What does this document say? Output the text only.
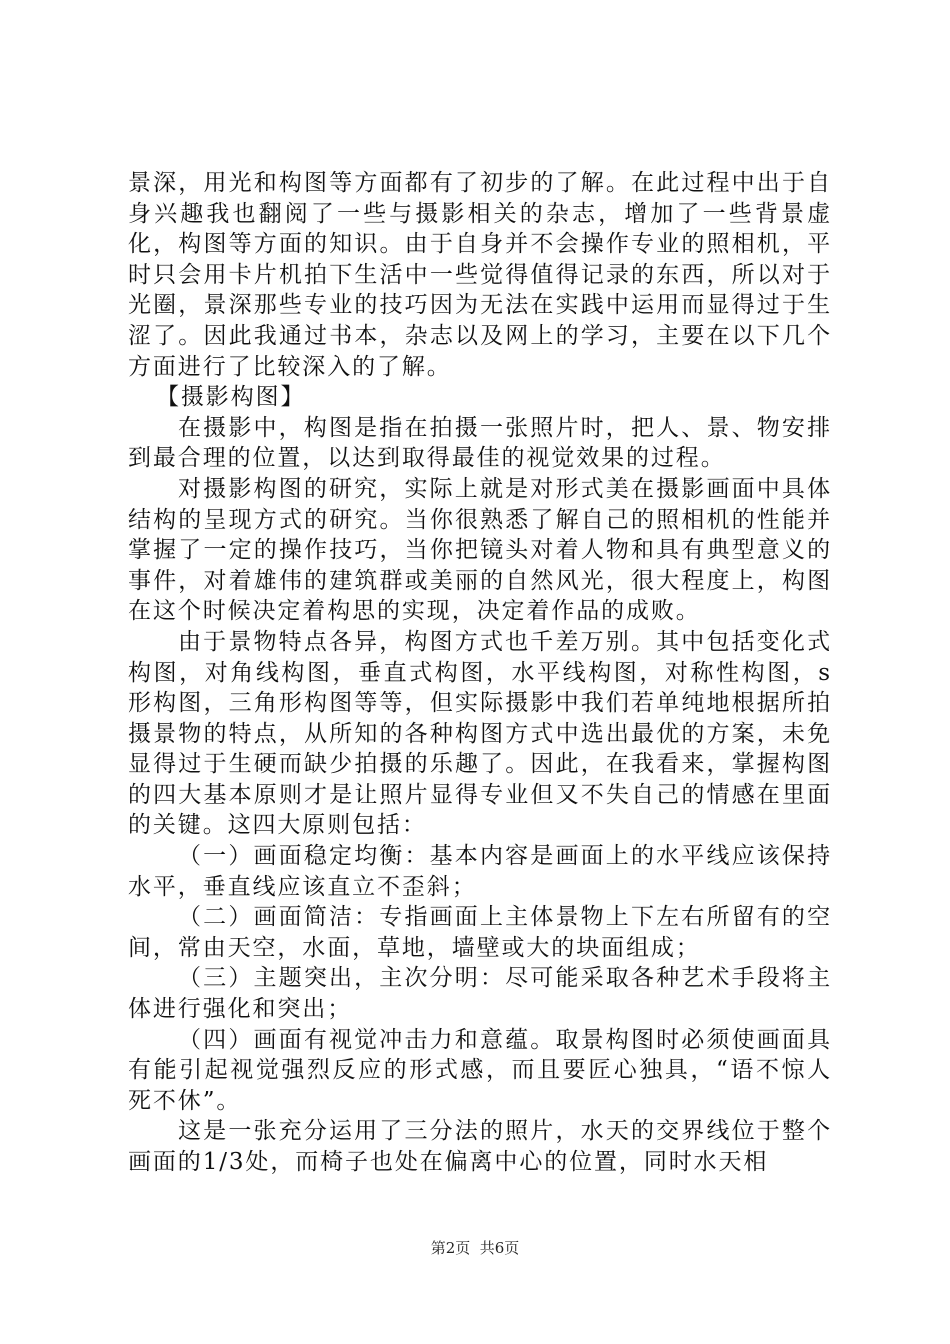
景深，用光和构图等方面都有了初步的了解。在此过程中出于自身兴趣我也翻阅了一些与摄影相关的杂志，增加了一些背景虚化，构图等方面的知识。由于自身并不会操作专业的照相机，平时只会用卡片机拍下生活中一些觉得值得记录的东西，所以对于光圈，景深那些专业的技巧因为无法在实践中运用而显得过于生涩了。因此我通过书本，杂志以及网上的学习，主要在以下几个方面进行了比较深入的了解。

【摄影构图】

在摄影中，构图是指在拍摄一张照片时，把人、景、物安排到最合理的位置，以达到取得最佳的视觉效果的过程。

对摄影构图的研究，实际上就是对形式美在摄影画面中具体结构的呈现方式的研究。当你很熟悉了解自己的照相机的性能并掌握了一定的操作技巧，当你把镜头对着人物和具有典型意义的事件，对着雄伟的建筑群或美丽的自然风光，很大程度上，构图在这个时候决定着构思的实现，决定着作品的成败。

由于景物特点各异，构图方式也千差万别。其中包括变化式构图，对角线构图，垂直式构图，水平线构图，对称性构图，s形构图，三角形构图等等，但实际摄影中我们若单纯地根据所拍摄景物的特点，从所知的各种构图方式中选出最优的方案，未免显得过于生硬而缺少拍摄的乐趣了。因此，在我看来，掌握构图的四大基本原则才是让照片显得专业但又不失自己的情感在里面的关键。这四大原则包括：

（一）画面稳定均衡：基本内容是画面上的水平线应该保持水平，垂直线应该直立不歪斜；

（二）画面简洁：专指画面上主体景物上下左右所留有的空间，常由天空，水面，草地，墙壁或大的块面组成；

（三）主题突出，主次分明：尽可能采取各种艺术手段将主体进行强化和突出；

（四）画面有视觉冲击力和意蕴。取景构图时必须使画面具有能引起视觉强烈反应的形式感，而且要匠心独具，“语不惊人死不休”。

这是一张充分运用了三分法的照片，水天的交界线位于整个画面的1/3处，而椅子也处在偏离中心的位置，同时水天相

第2页  共6页
